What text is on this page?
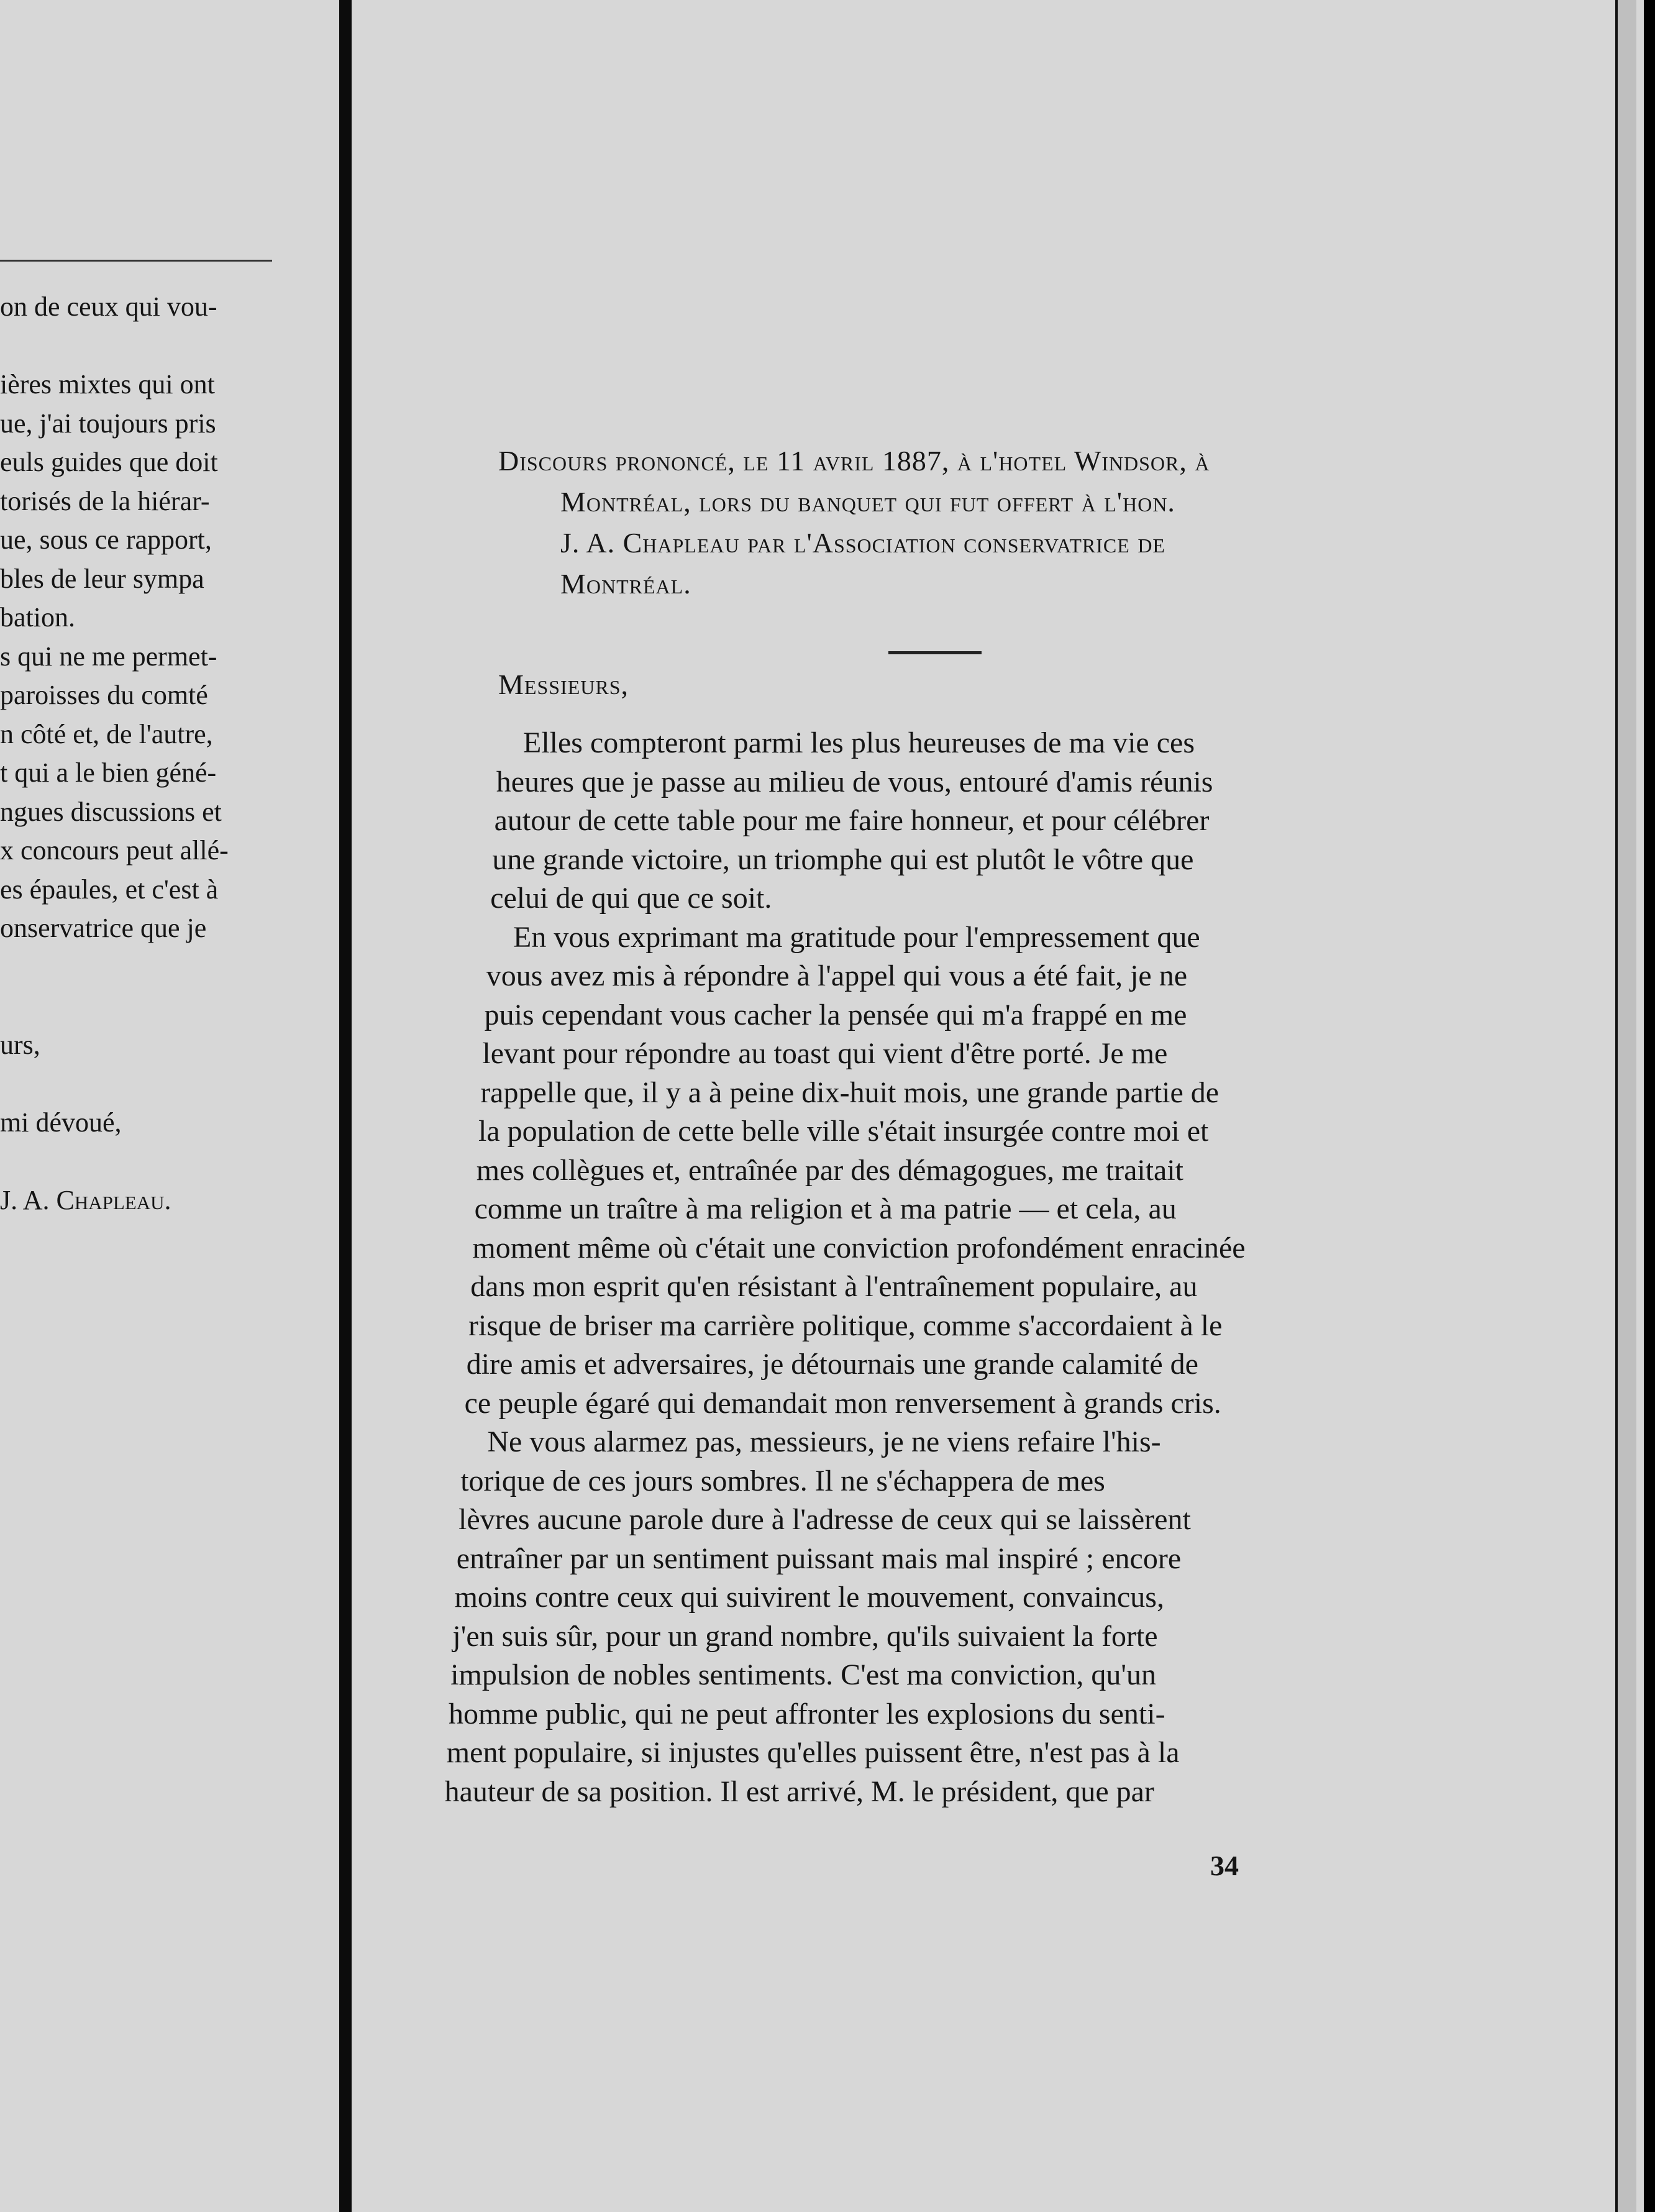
on de ceux qui vou-
ières mixtes qui ont
ue, j'ai toujours pris
euls guides que doit
torisés de la hiérar-
ue, sous ce rapport,
bles de leur sympa
bation.
s qui ne me permet-
paroisses du comté
n côté et, de l'autre,
t qui a le bien géné-
ngues discussions et
x concours peut allé-
es épaules, et c'est à
onservatrice que je
urs,
mi dévoué,
J. A. Chapleau.
Discours prononcé, le 11 avril 1887, à l'hotel Windsor, à
Montréal, lors du banquet qui fut offert à l'hon.
J. A. Chapleau par l'Association conservatrice de
Montréal.
Messieurs,
Elles compteront parmi les plus heureuses de ma vie ces
heures que je passe au milieu de vous, entouré d'amis réunis
autour de cette table pour me faire honneur, et pour célébrer
une grande victoire, un triomphe qui est plutôt le vôtre que
celui de qui que ce soit.
En vous exprimant ma gratitude pour l'empressement que
vous avez mis à répondre à l'appel qui vous a été fait, je ne
puis cependant vous cacher la pensée qui m'a frappé en me
levant pour répondre au toast qui vient d'être porté. Je me
rappelle que, il y a à peine dix-huit mois, une grande partie de
la population de cette belle ville s'était insurgée contre moi et
mes collègues et, entraînée par des démagogues, me traitait
comme un traître à ma religion et à ma patrie — et cela, au
moment même où c'était une conviction profondément enracinée
dans mon esprit qu'en résistant à l'entraînement populaire, au
risque de briser ma carrière politique, comme s'accordaient à le
dire amis et adversaires, je détournais une grande calamité de
ce peuple égaré qui demandait mon renversement à grands cris.
Ne vous alarmez pas, messieurs, je ne viens refaire l'his-
torique de ces jours sombres. Il ne s'échappera de mes
lèvres aucune parole dure à l'adresse de ceux qui se laissèrent
entraîner par un sentiment puissant mais mal inspiré ; encore
moins contre ceux qui suivirent le mouvement, convaincus,
j'en suis sûr, pour un grand nombre, qu'ils suivaient la forte
impulsion de nobles sentiments. C'est ma conviction, qu'un
homme public, qui ne peut affronter les explosions du senti-
ment populaire, si injustes qu'elles puissent être, n'est pas à la
hauteur de sa position. Il est arrivé, M. le président, que par
34
